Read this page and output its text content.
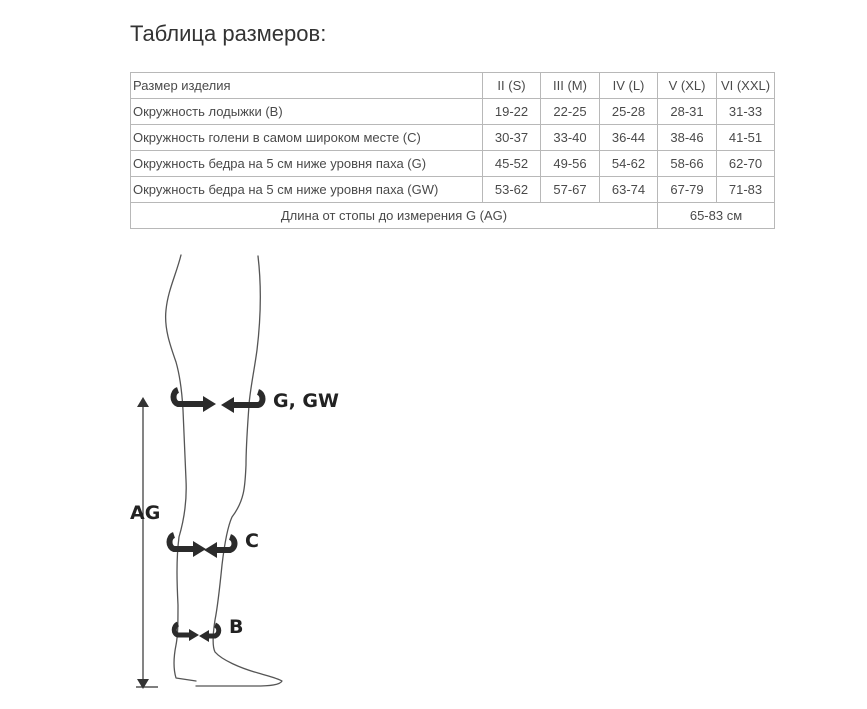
Таблица размеров:
Размер изделия	II (S)	III (M)	IV (L)	V (XL)	VI (XXL)
Окружность лодыжки (B)	19-22	22-25	25-28	28-31	31-33
Окружность голени в самом широком месте (C)	30-37	33-40	36-44	38-46	41-51
Окружность бедра на 5 см ниже уровня паха (G)	45-52	49-56	54-62	58-66	62-70
Окружность бедра на 5 см ниже уровня паха (GW)	53-62	57-67	63-74	67-79	71-83
Длина от стопы до измерения G (AG)				65-83 см	
G, GW
C
B
AG
